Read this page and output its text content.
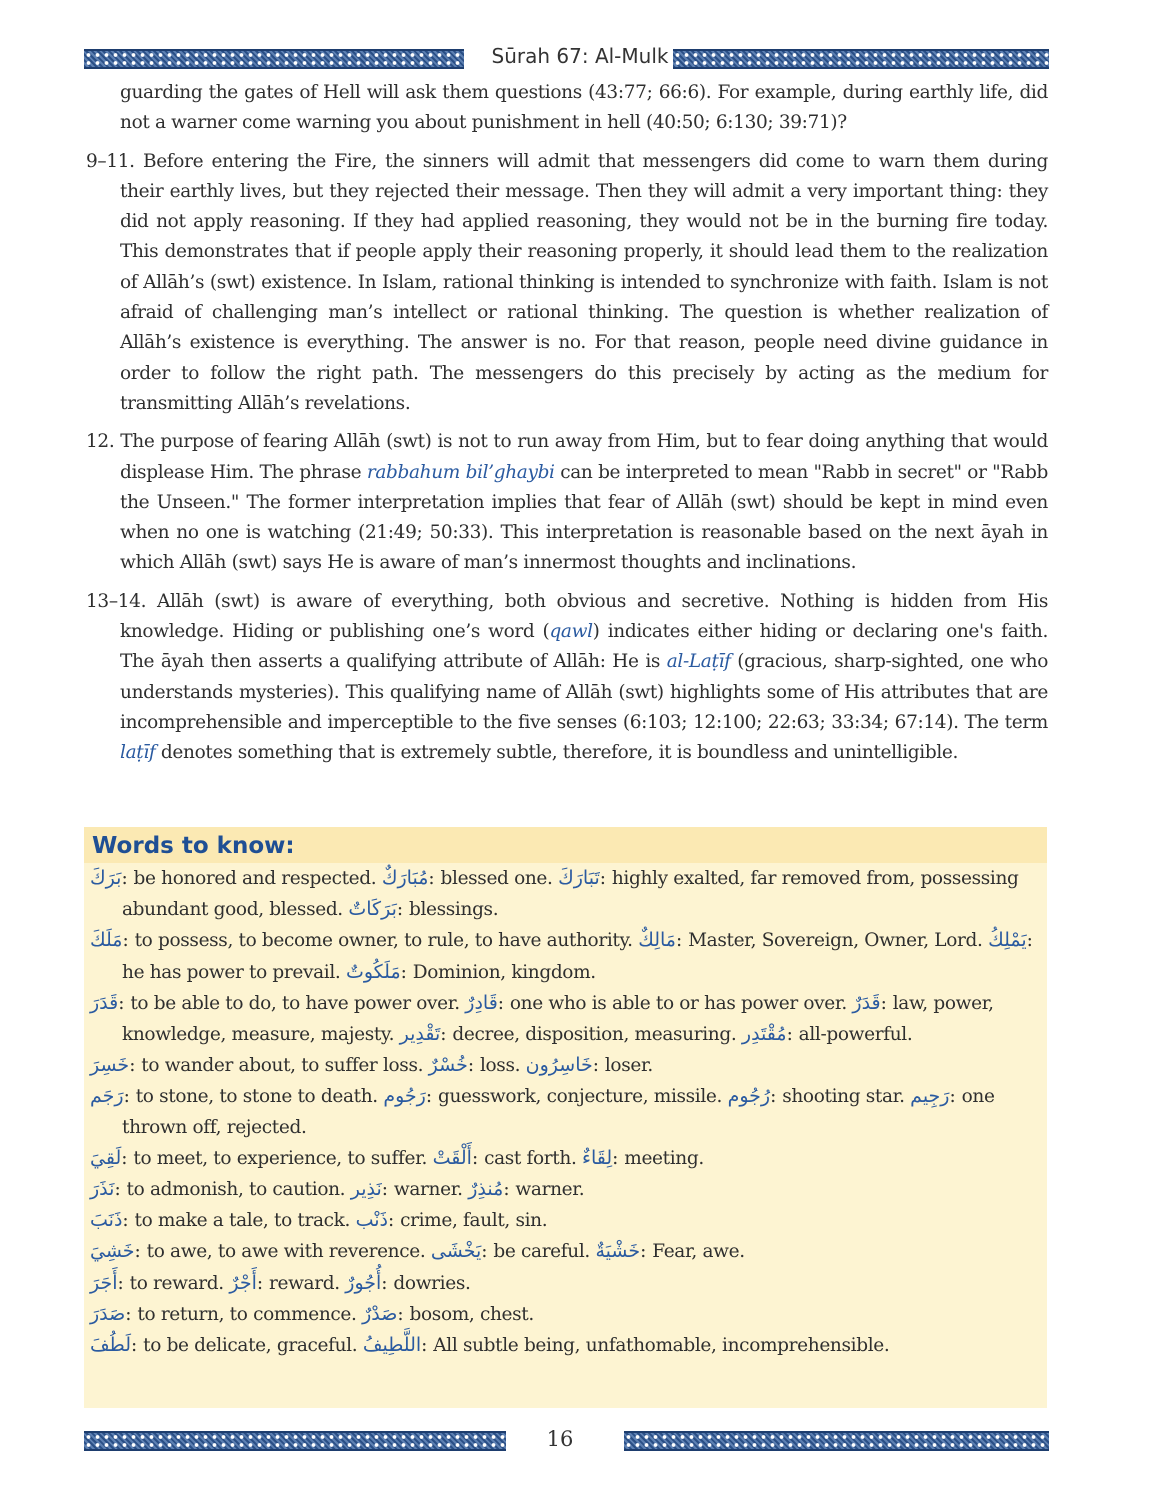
Sūrah 67: Al-Mulk

guarding the gates of Hell will ask them questions (43:77; 66:6). For example, during earthly life, did not a warner come warning you about punishment in hell (40:50; 6:130; 39:71)?

9–11. Before entering the Fire, the sinners will admit that messengers did come to warn them during their earthly lives, but they rejected their message. Then they will admit a very important thing: they did not apply reasoning. If they had applied reasoning, they would not be in the burning fire today. This demonstrates that if people apply their reasoning properly, it should lead them to the realization of Allāh’s (swt) existence. In Islam, rational thinking is intended to synchronize with faith. Islam is not afraid of challenging man’s intellect or rational thinking. The question is whether realization of Allāh’s existence is everything. The answer is no. For that reason, people need divine guidance in order to follow the right path. The messengers do this precisely by acting as the medium for transmitting Allāh’s revelations.

12. The purpose of fearing Allāh (swt) is not to run away from Him, but to fear doing anything that would displease Him. The phrase rabbahum bil’ghaybi can be interpreted to mean "Rabb in secret" or "Rabb the Unseen." The former interpretation implies that fear of Allāh (swt) should be kept in mind even when no one is watching (21:49; 50:33). This interpretation is reasonable based on the next āyah in which Allāh (swt) says He is aware of man’s innermost thoughts and inclinations.

13–14. Allāh (swt) is aware of everything, both obvious and secretive. Nothing is hidden from His knowledge. Hiding or publishing one’s word (qawl) indicates either hiding or declaring one's faith. The āyah then asserts a qualifying attribute of Allāh: He is al-Laṭīf (gracious, sharp-sighted, one who understands mysteries). This qualifying name of Allāh (swt) highlights some of His attributes that are incomprehensible and imperceptible to the five senses (6:103; 12:100; 22:63; 33:34; 67:14). The term laṭīf denotes something that is extremely subtle, therefore, it is boundless and unintelligible.

Words to know:
بَرَكَ: be honored and respected. مُبَارَكٌ: blessed one. تَبَارَكَ: highly exalted, far removed from, possessing abundant good, blessed. بَرَكَاتٌ: blessings.
مَلَكَ: to possess, to become owner, to rule, to have authority. مَالِكٌ: Master, Sovereign, Owner, Lord. يَمْلِكُ: he has power to prevail. مَلَكُوتٌ: Dominion, kingdom.
قَدَرَ: to be able to do, to have power over. قَادِرٌ: one who is able to or has power over. قَدَرٌ: law, power, knowledge, measure, majesty. تَقْدِير: decree, disposition, measuring. مُقْتَدِر: all-powerful.
خَسِرَ: to wander about, to suffer loss. خُسْرٌ: loss. خَاسِرُون: loser.
رَجَم: to stone, to stone to death. رَجُوم: guesswork, conjecture, missile. رُجُوم: shooting star. رَجِيم: one thrown off, rejected.
لَقِيَ: to meet, to experience, to suffer. أَلْقَتْ: cast forth. لِقَاءٌ: meeting.
نَذَرَ: to admonish, to caution. نَذِير: warner. مُنذِرٌ: warner.
ذَنَبَ: to make a tale, to track. ذَنْب: crime, fault, sin.
خَشِيَ: to awe, to awe with reverence. يَخْشَى: be careful. خَشْيَةٌ: Fear, awe.
أَجَرَ: to reward. أَجْرٌ: reward. أُجُورٌ: dowries.
صَدَرَ: to return, to commence. صَدْرٌ: bosom, chest.
لَطُفَ: to be delicate, graceful. اللَّطِيفُ: All subtle being, unfathomable, incomprehensible.
16
